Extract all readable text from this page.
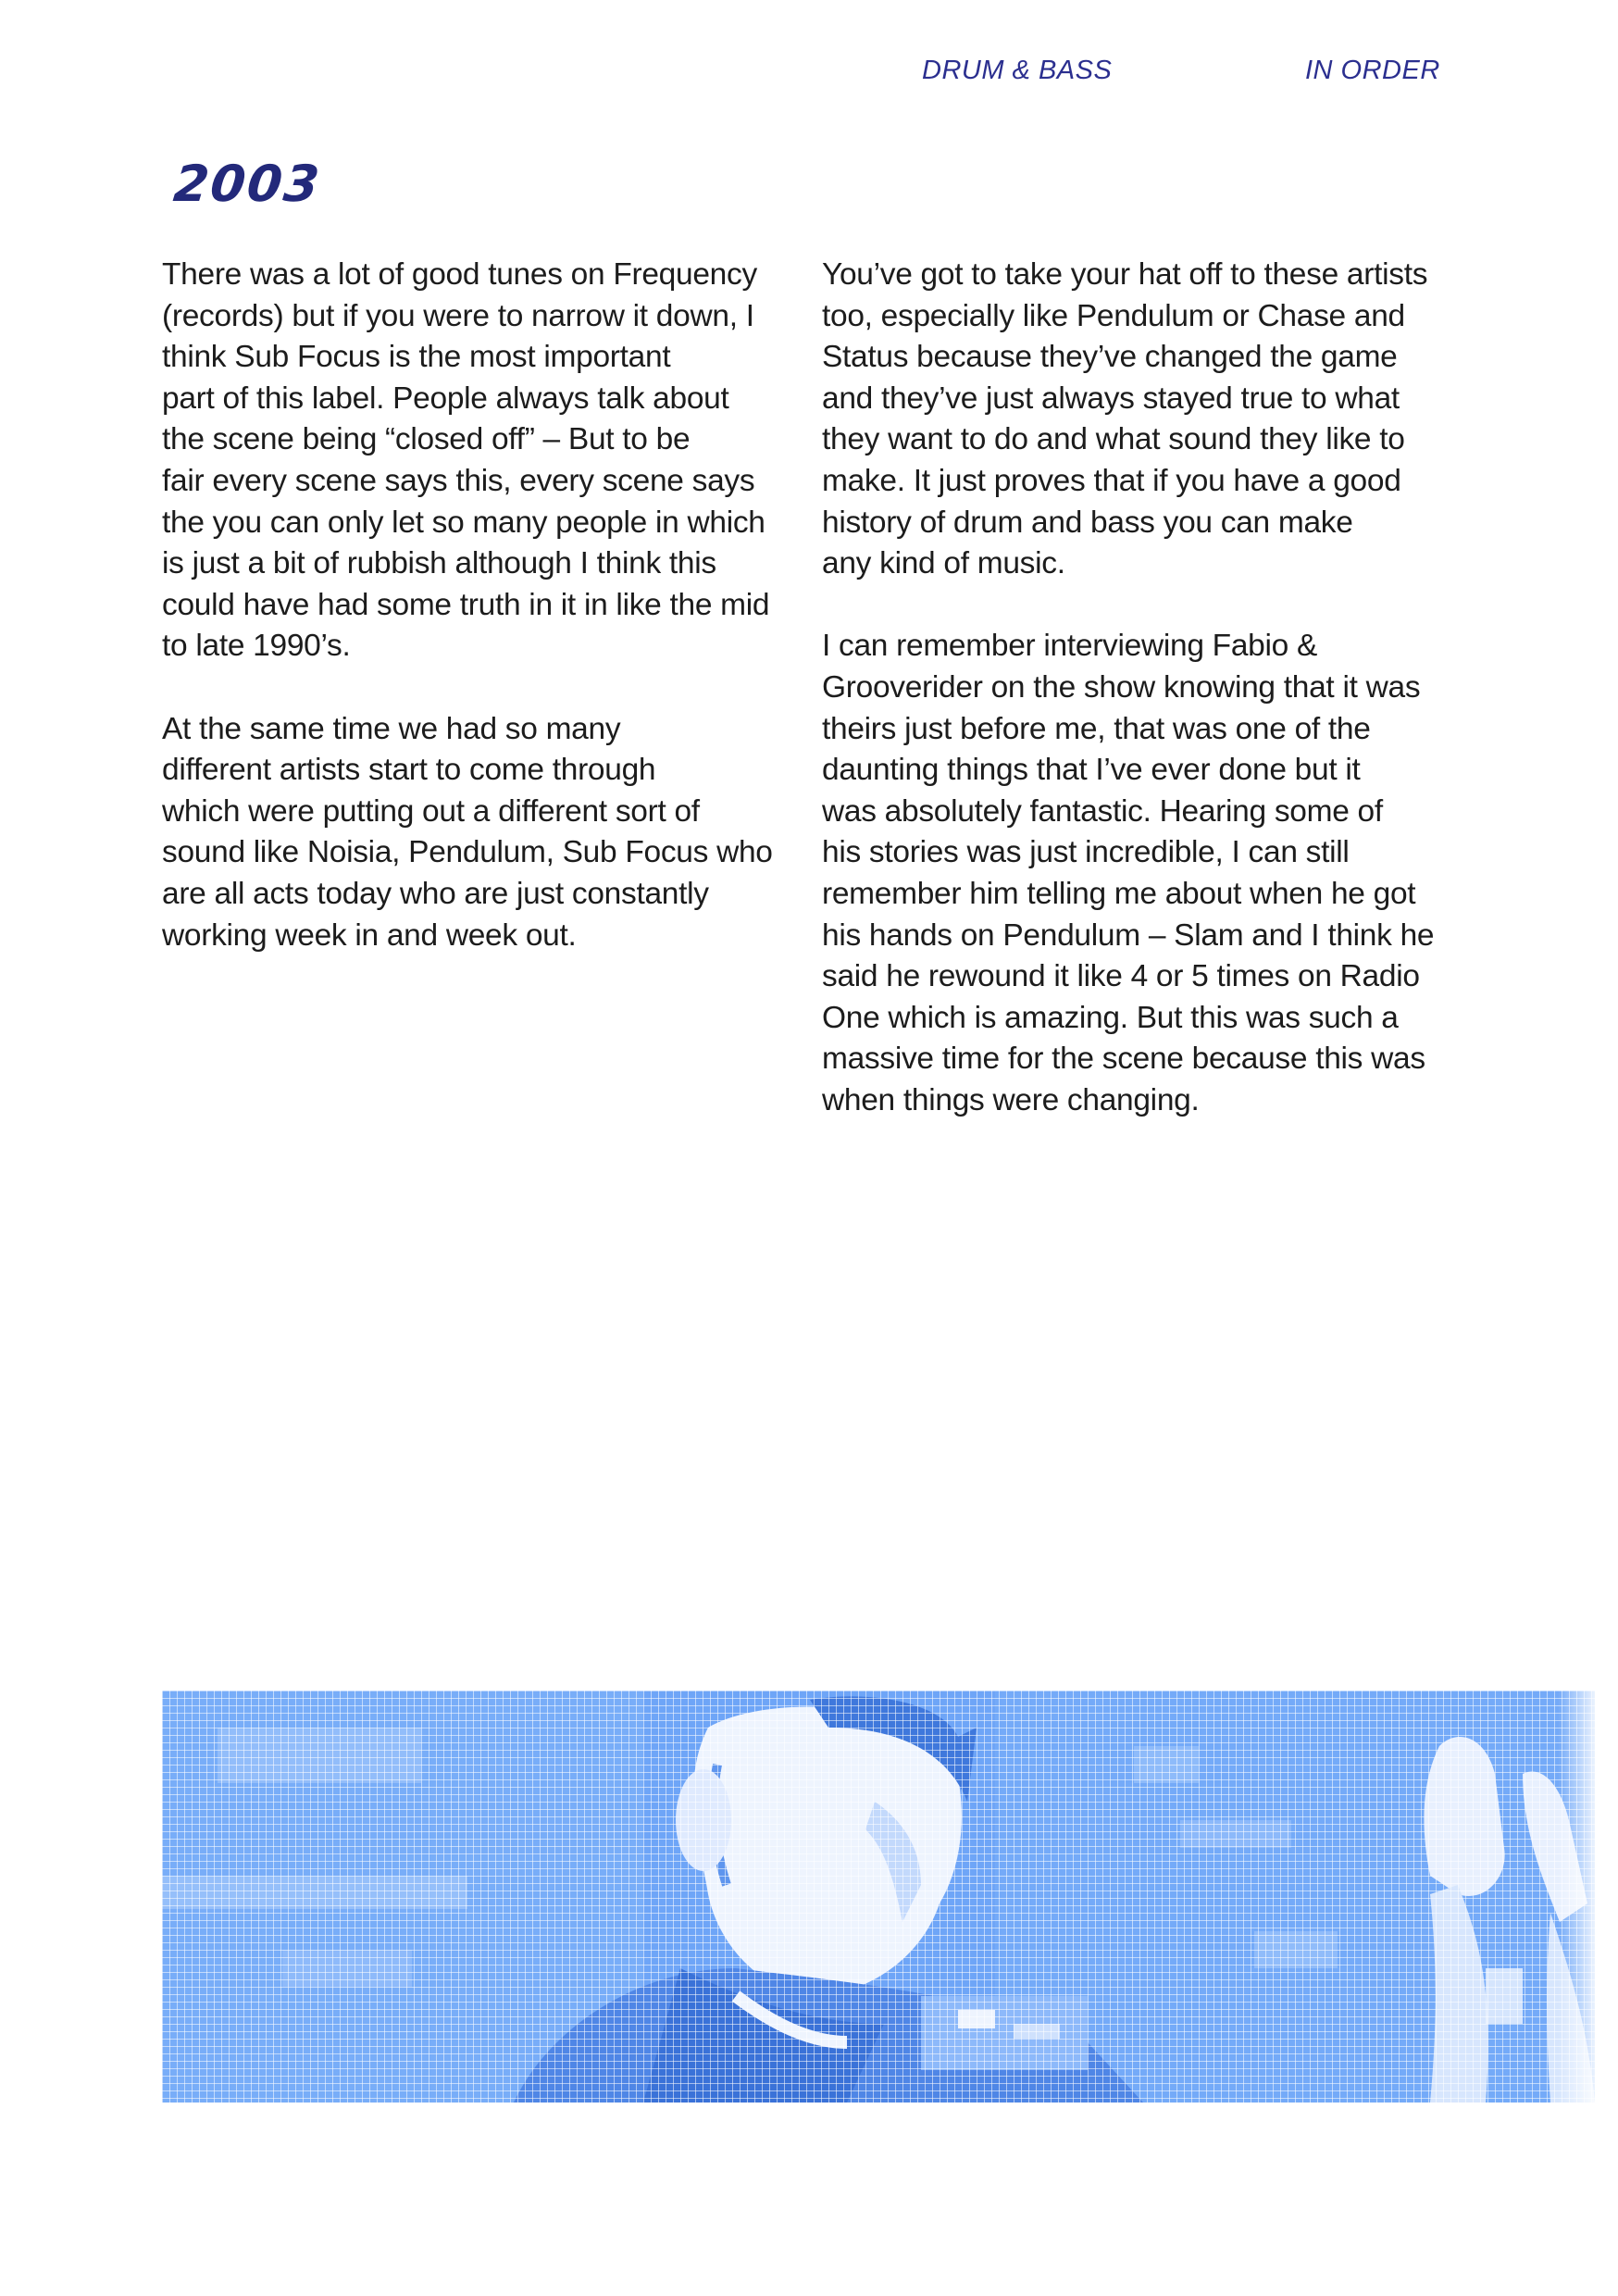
DRUM & BASS	IN ORDER
2003

There was a lot of good tunes on Frequency
(records) but if you were to narrow it down, I
think Sub Focus is the most important
part of this label. People always talk about
the scene being “closed off” – But to be
fair every scene says this, every scene says
the you can only let so many people in which
is just a bit of rubbish although I think this
could have had some truth in it in like the mid
to late 1990’s.

At the same time we had so many
different artists start to come through
which were putting out a different sort of
sound like Noisia, Pendulum, Sub Focus who
are all acts today who are just constantly
working week in and week out.

You’ve got to take your hat off to these artists
too, especially like Pendulum or Chase and
Status because they’ve changed the game
and they’ve just always stayed true to what
they want to do and what sound they like to
make. It just proves that if you have a good
history of drum and bass you can make
any kind of music.

I can remember interviewing Fabio &
Grooverider on the show knowing that it was
theirs just before me, that was one of the
daunting things that I’ve ever done but it
was absolutely fantastic. Hearing some of
his stories was just incredible, I can still
remember him telling me about when he got
his hands on Pendulum – Slam and I think he
said he rewound it like 4 or 5 times on Radio
One which is amazing. But this was such a
massive time for the scene because this was
when things were changing.
